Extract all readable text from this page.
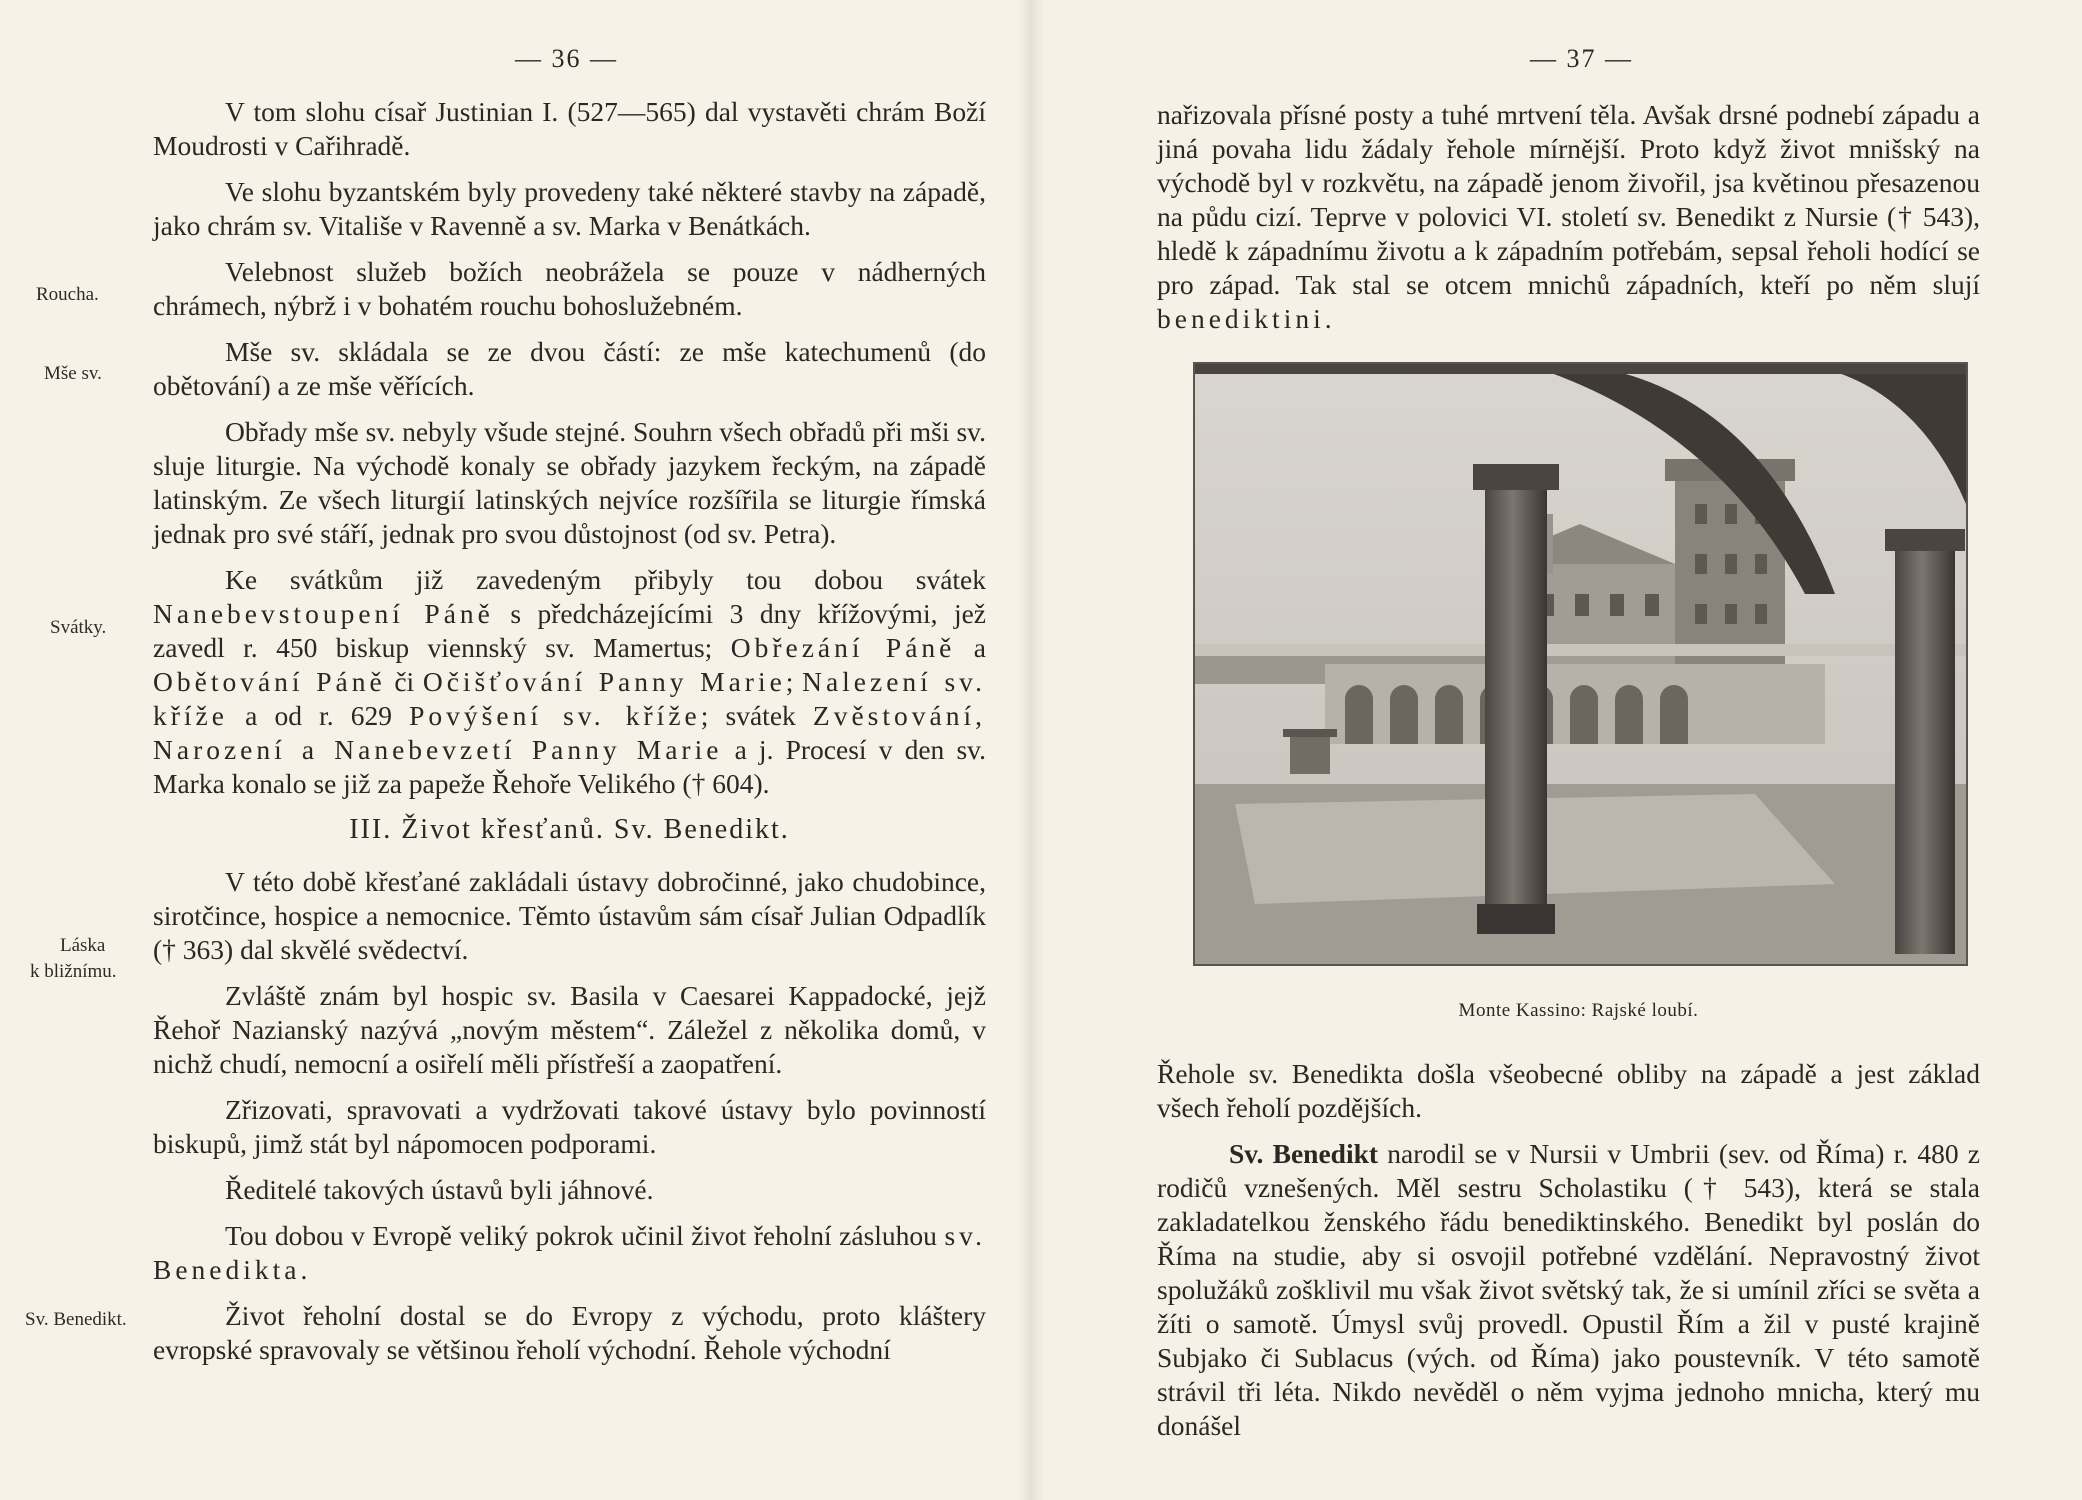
— 36 —
Roucha.
Mše sv.
Svátky.
Láska
k bližnímu.
Sv. Benedikt.

V tom slohu císař Justinian I. (527—565) dal vystavěti chrám Boží Moudrosti v Cařihradě.

Ve slohu byzantském byly provedeny také některé stavby na západě, jako chrám sv. Vitališe v Ravenně a sv. Marka v Benátkách.

Velebnost služeb božích neobrážela se pouze v nádherných chrámech, nýbrž i v bohatém rouchu bohoslužebném.

Mše sv. skládala se ze dvou částí: ze mše katechumenů (do obětování) a ze mše věřících.

Obřady mše sv. nebyly všude stejné. Souhrn všech obřadů při mši sv. sluje liturgie. Na východě konaly se obřady jazykem řeckým, na západě latinským. Ze všech liturgií latinských nejvíce rozšířila se liturgie římská jednak pro své stáří, jednak pro svou důstojnost (od sv. Petra).

Ke svátkům již zavedeným přibyly tou dobou svátek Nanebevstoupení Páně s předcházejícími 3 dny křížovými, jež zavedl r. 450 biskup viennský sv. Mamertus; Obřezání Páně a Obětování Páně či Očišťování Panny Marie; Nalezení sv. kříže a od r. 629 Povýšení sv. kříže; svátek Zvěstování, Narození a Nanebevzetí Panny Marie a j. Procesí v den sv. Marka konalo se již za papeže Řehoře Velikého († 604).

III. Život křesťanů. Sv. Benedikt.

V této době křesťané zakládali ústavy dobročinné, jako chudobince, sirotčince, hospice a nemocnice. Těmto ústavům sám císař Julian Odpadlík († 363) dal skvělé svědectví.

Zvláště znám byl hospic sv. Basila v Caesarei Kappadocké, jejž Řehoř Nazianský nazývá „novým městem“. Záležel z několika domů, v nichž chudí, nemocní a osiřelí měli přístřeší a zaopatření.

Zřizovati, spravovati a vydržovati takové ústavy bylo povinností biskupů, jimž stát byl nápomocen podporami.

Ředitelé takových ústavů byli jáhnové.

Tou dobou v Evropě veliký pokrok učinil život řeholní zásluhou sv. Benedikta.

Život řeholní dostal se do Evropy z východu, proto kláštery evropské spravovaly se většinou řeholí východní. Řehole východní

— 37 —

nařizovala přísné posty a tuhé mrtvení těla. Avšak drsné podnebí západu a jiná povaha lidu žádaly řehole mírnější. Proto když život mnišský na východě byl v rozkvětu, na západě jenom živořil, jsa květinou přesazenou na půdu cizí. Teprve v polovici VI. století sv. Benedikt z Nursie († 543), hledě k západnímu životu a k západním potřebám, sepsal řeholi hodící se pro západ. Tak stal se otcem mnichů západních, kteří po něm slují benediktini.

Monte Kassino: Rajské loubí.

Řehole sv. Benedikta došla všeobecné obliby na západě a jest základ všech řeholí pozdějších.

Sv. Benedikt narodil se v Nursii v Umbrii (sev. od Říma) r. 480 z rodičů vznešených. Měl sestru Scholastiku († 543), která se stala zakladatelkou ženského řádu benediktinského. Benedikt byl poslán do Říma na studie, aby si osvojil potřebné vzdělání. Nepravostný život spolužáků zošklivil mu však život světský tak, že si umínil zříci se světa a žíti o samotě. Úmysl svůj provedl. Opustil Řím a žil v pusté krajině Subjako či Sublacus (vých. od Říma) jako poustevník. V této samotě strávil tři léta. Nikdo nevěděl o něm vyjma jednoho mnicha, který mu donášel
